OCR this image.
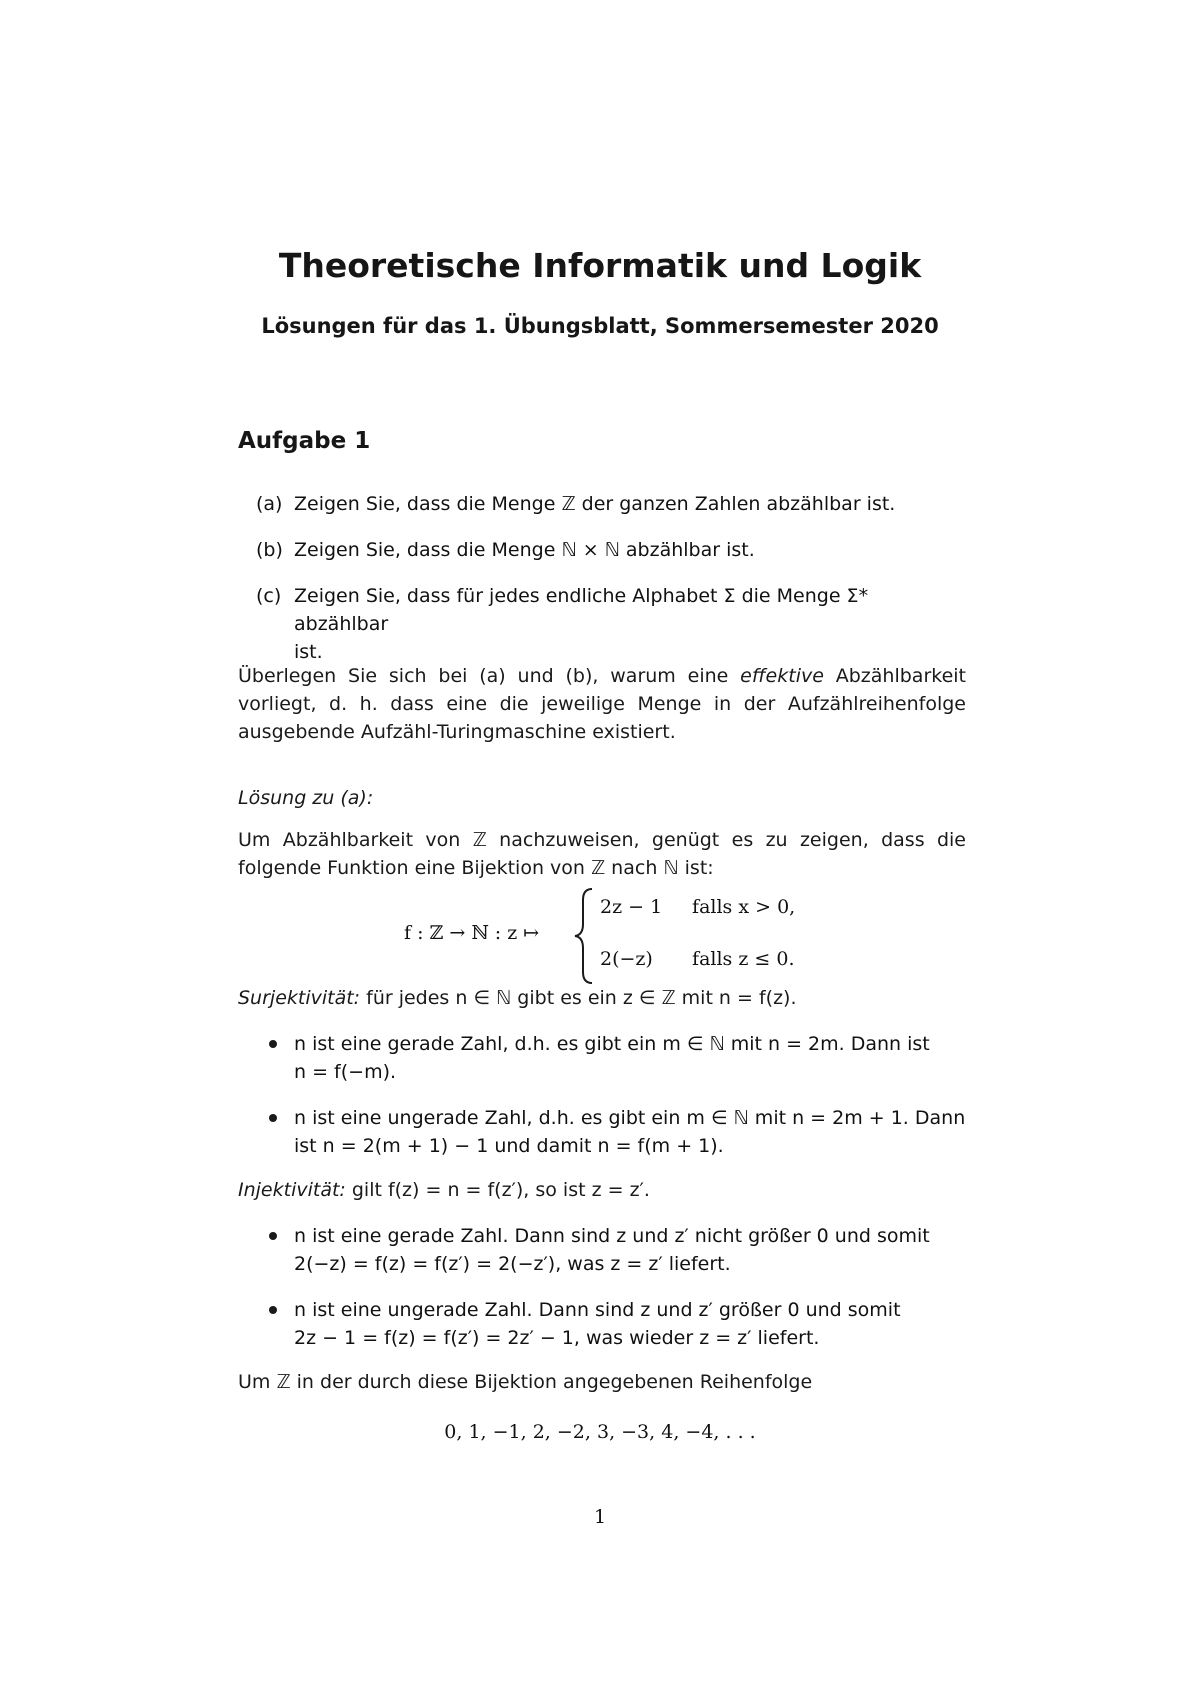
Theoretische Informatik und Logik
Lösungen für das 1. Übungsblatt, Sommersemester 2020
Aufgabe 1
(a) Zeigen Sie, dass die Menge ℤ der ganzen Zahlen abzählbar ist.
(b) Zeigen Sie, dass die Menge ℕ × ℕ abzählbar ist.
(c) Zeigen Sie, dass für jedes endliche Alphabet Σ die Menge Σ* abzählbar
ist.

Überlegen Sie sich bei (a) und (b), warum eine effektive Abzählbarkeit vorliegt, d. h. dass eine die jeweilige Menge in der Aufzählreihenfolge ausgebende Aufzähl-Turingmaschine existiert.

Lösung zu (a):
Um Abzählbarkeit von ℤ nachzuweisen, genügt es zu zeigen, dass die folgende Funktion eine Bijektion von ℤ nach ℕ ist:
f : ℤ → ℕ : z ↦
2z − 1 falls x > 0,
2(−z) falls z ≤ 0.
Surjektivität: für jedes n ∈ ℕ gibt es ein z ∈ ℤ mit n = f(z).
n ist eine gerade Zahl, d.h. es gibt ein m ∈ ℕ mit n = 2m. Dann ist
n = f(−m).
n ist eine ungerade Zahl, d.h. es gibt ein m ∈ ℕ mit n = 2m + 1. Dann
ist n = 2(m + 1) − 1 und damit n = f(m + 1).
Injektivität: gilt f(z) = n = f(z′), so ist z = z′.
n ist eine gerade Zahl. Dann sind z und z′ nicht größer 0 und somit
2(−z) = f(z) = f(z′) = 2(−z′), was z = z′ liefert.
n ist eine ungerade Zahl. Dann sind z und z′ größer 0 und somit
2z − 1 = f(z) = f(z′) = 2z′ − 1, was wieder z = z′ liefert.
Um ℤ in der durch diese Bijektion angegebenen Reihenfolge
0, 1, −1, 2, −2, 3, −3, 4, −4, . . .
1
